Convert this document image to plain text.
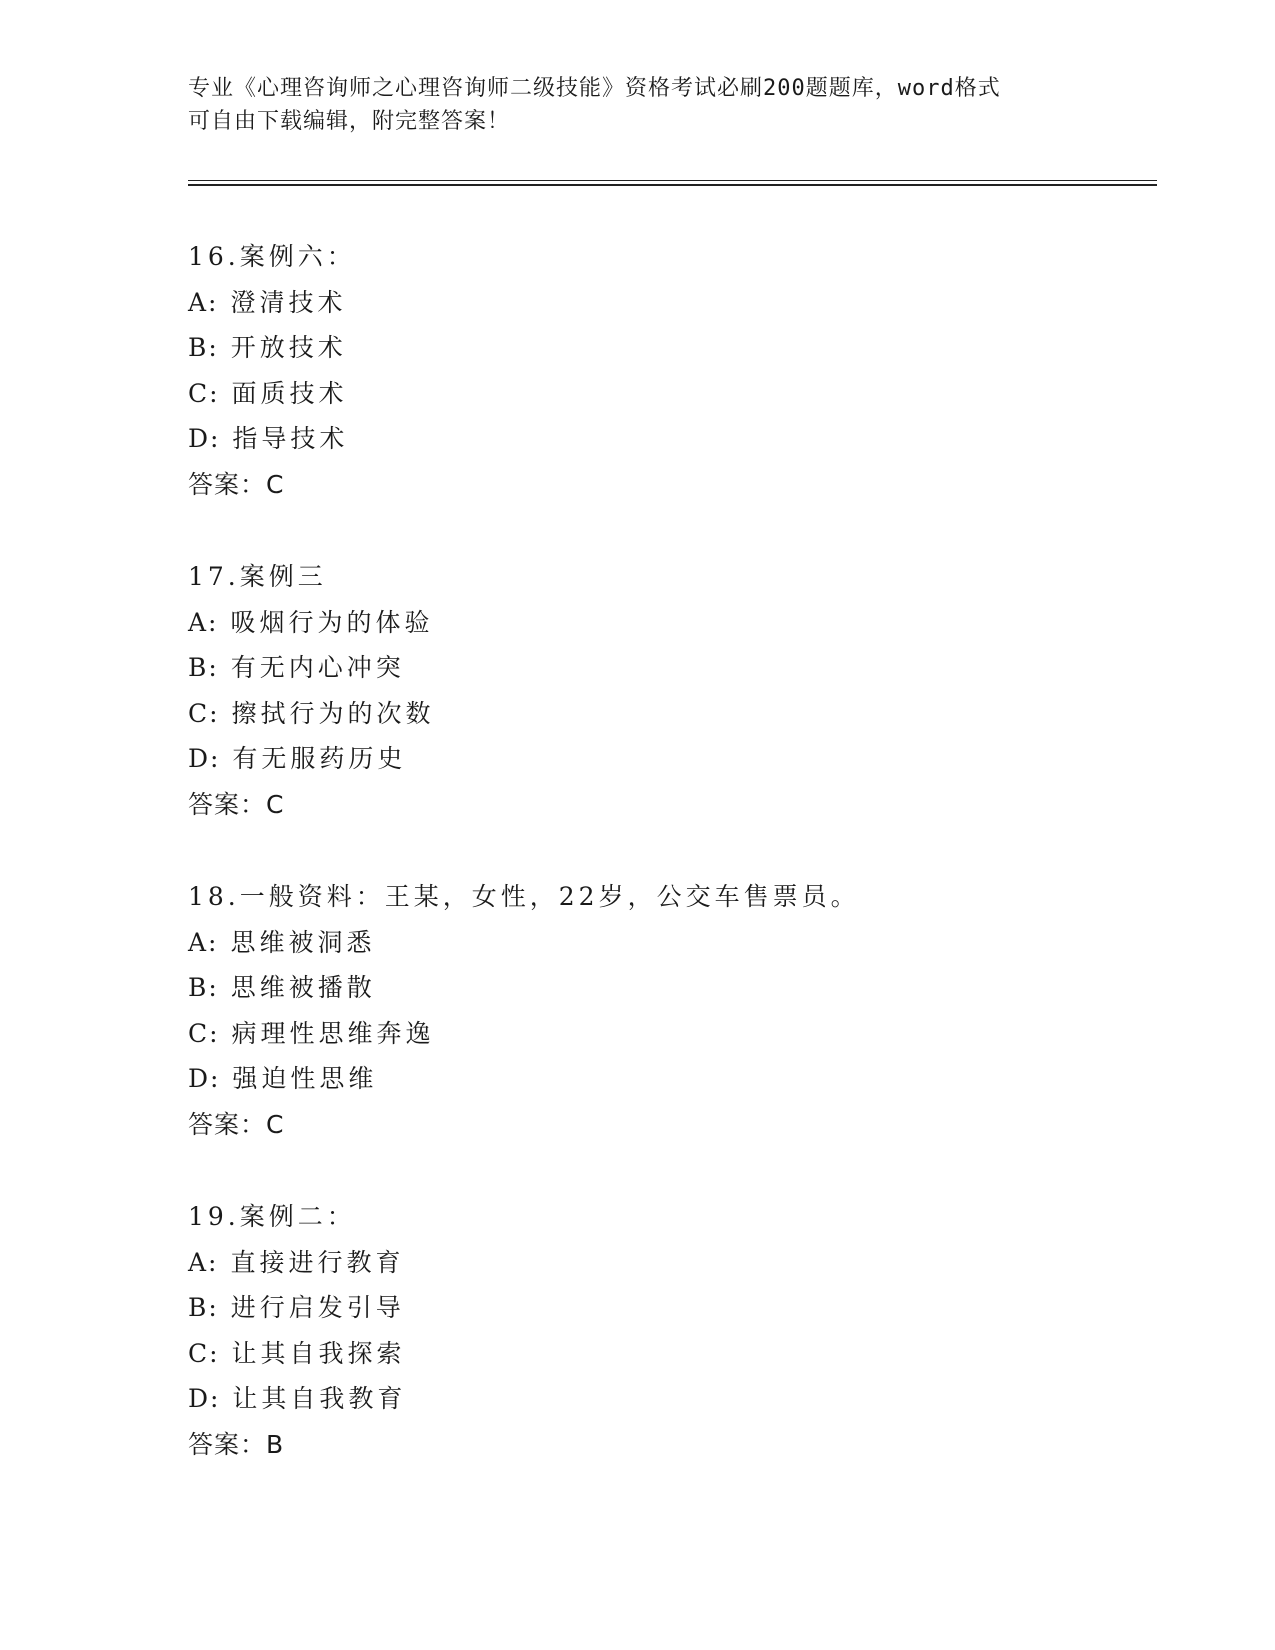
专业《心理咨询师之心理咨询师二级技能》资格考试必刷200题题库，word格式
可自由下载编辑，附完整答案！
16.案例六：
A: 澄清技术
B: 开放技术
C: 面质技术
D: 指导技术
答案：C
17.案例三
A: 吸烟行为的体验
B: 有无内心冲突
C: 擦拭行为的次数
D: 有无服药历史
答案：C
18.一般资料：王某，女性，22岁，公交车售票员。
A: 思维被洞悉
B: 思维被播散
C: 病理性思维奔逸
D: 强迫性思维
答案：C
19.案例二：
A: 直接进行教育
B: 进行启发引导
C: 让其自我探索
D: 让其自我教育
答案：B
